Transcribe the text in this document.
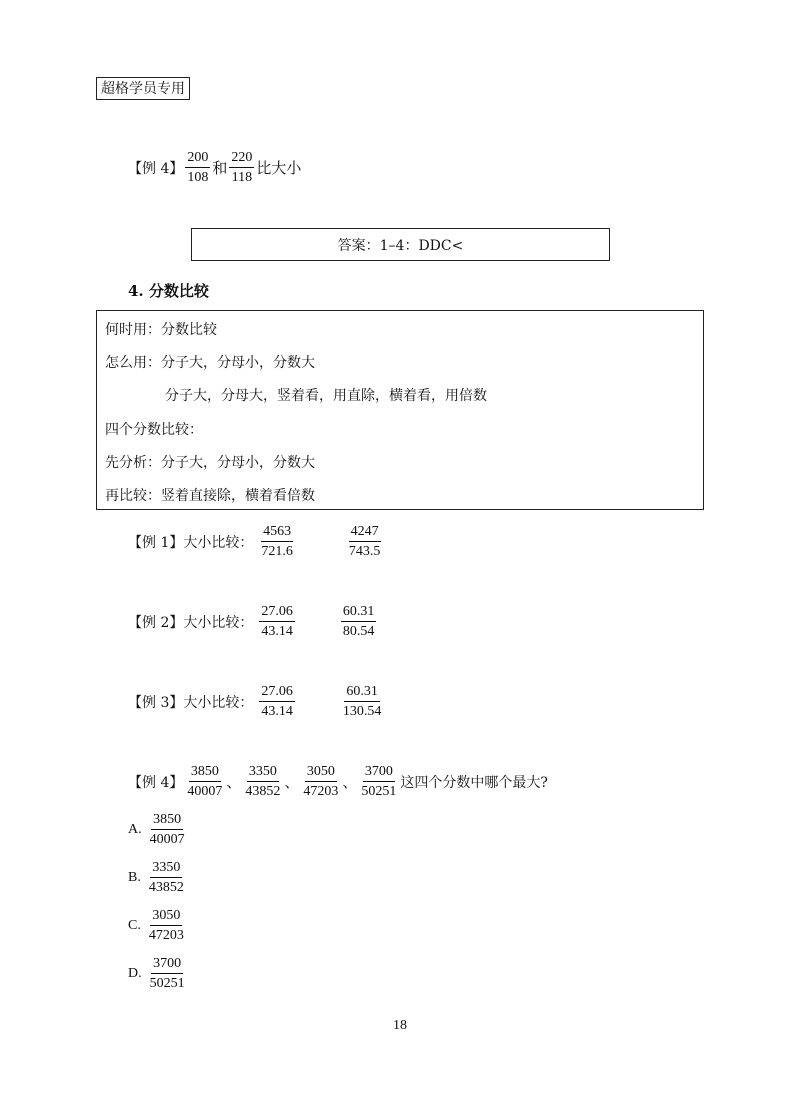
超格学员专用
【例 4】 $\frac{200}{108}$ 和 $\frac{220}{118}$ 比大小
答案：1–4：DDC<
4. 分数比较
何时用：分数比较
怎么用：分子大，分母小，分数大
分子大，分母大，竖着看，用直除，横着看，用倍数
四个分数比较：
先分析：分子大，分母小，分数大
再比较：竖着直接除，横着看倍数
【例 1】大小比较： $\frac{4563}{721.6}$	$\frac{4247}{743.5}$
【例 2】大小比较： $\frac{27.06}{43.14}$	$\frac{60.31}{80.54}$
【例 3】大小比较： $\frac{27.06}{43.14}$	$\frac{60.31}{130.54}$
【例 4】 $\frac{3850}{40007}$ 、 $\frac{3350}{43852}$ 、 $\frac{3050}{47203}$ 、 $\frac{3700}{50251}$ 这四个分数中哪个最大?
A. $\frac{3850}{40007}$
B. $\frac{3350}{43852}$
C. $\frac{3050}{47203}$
D. $\frac{3700}{50251}$
18
